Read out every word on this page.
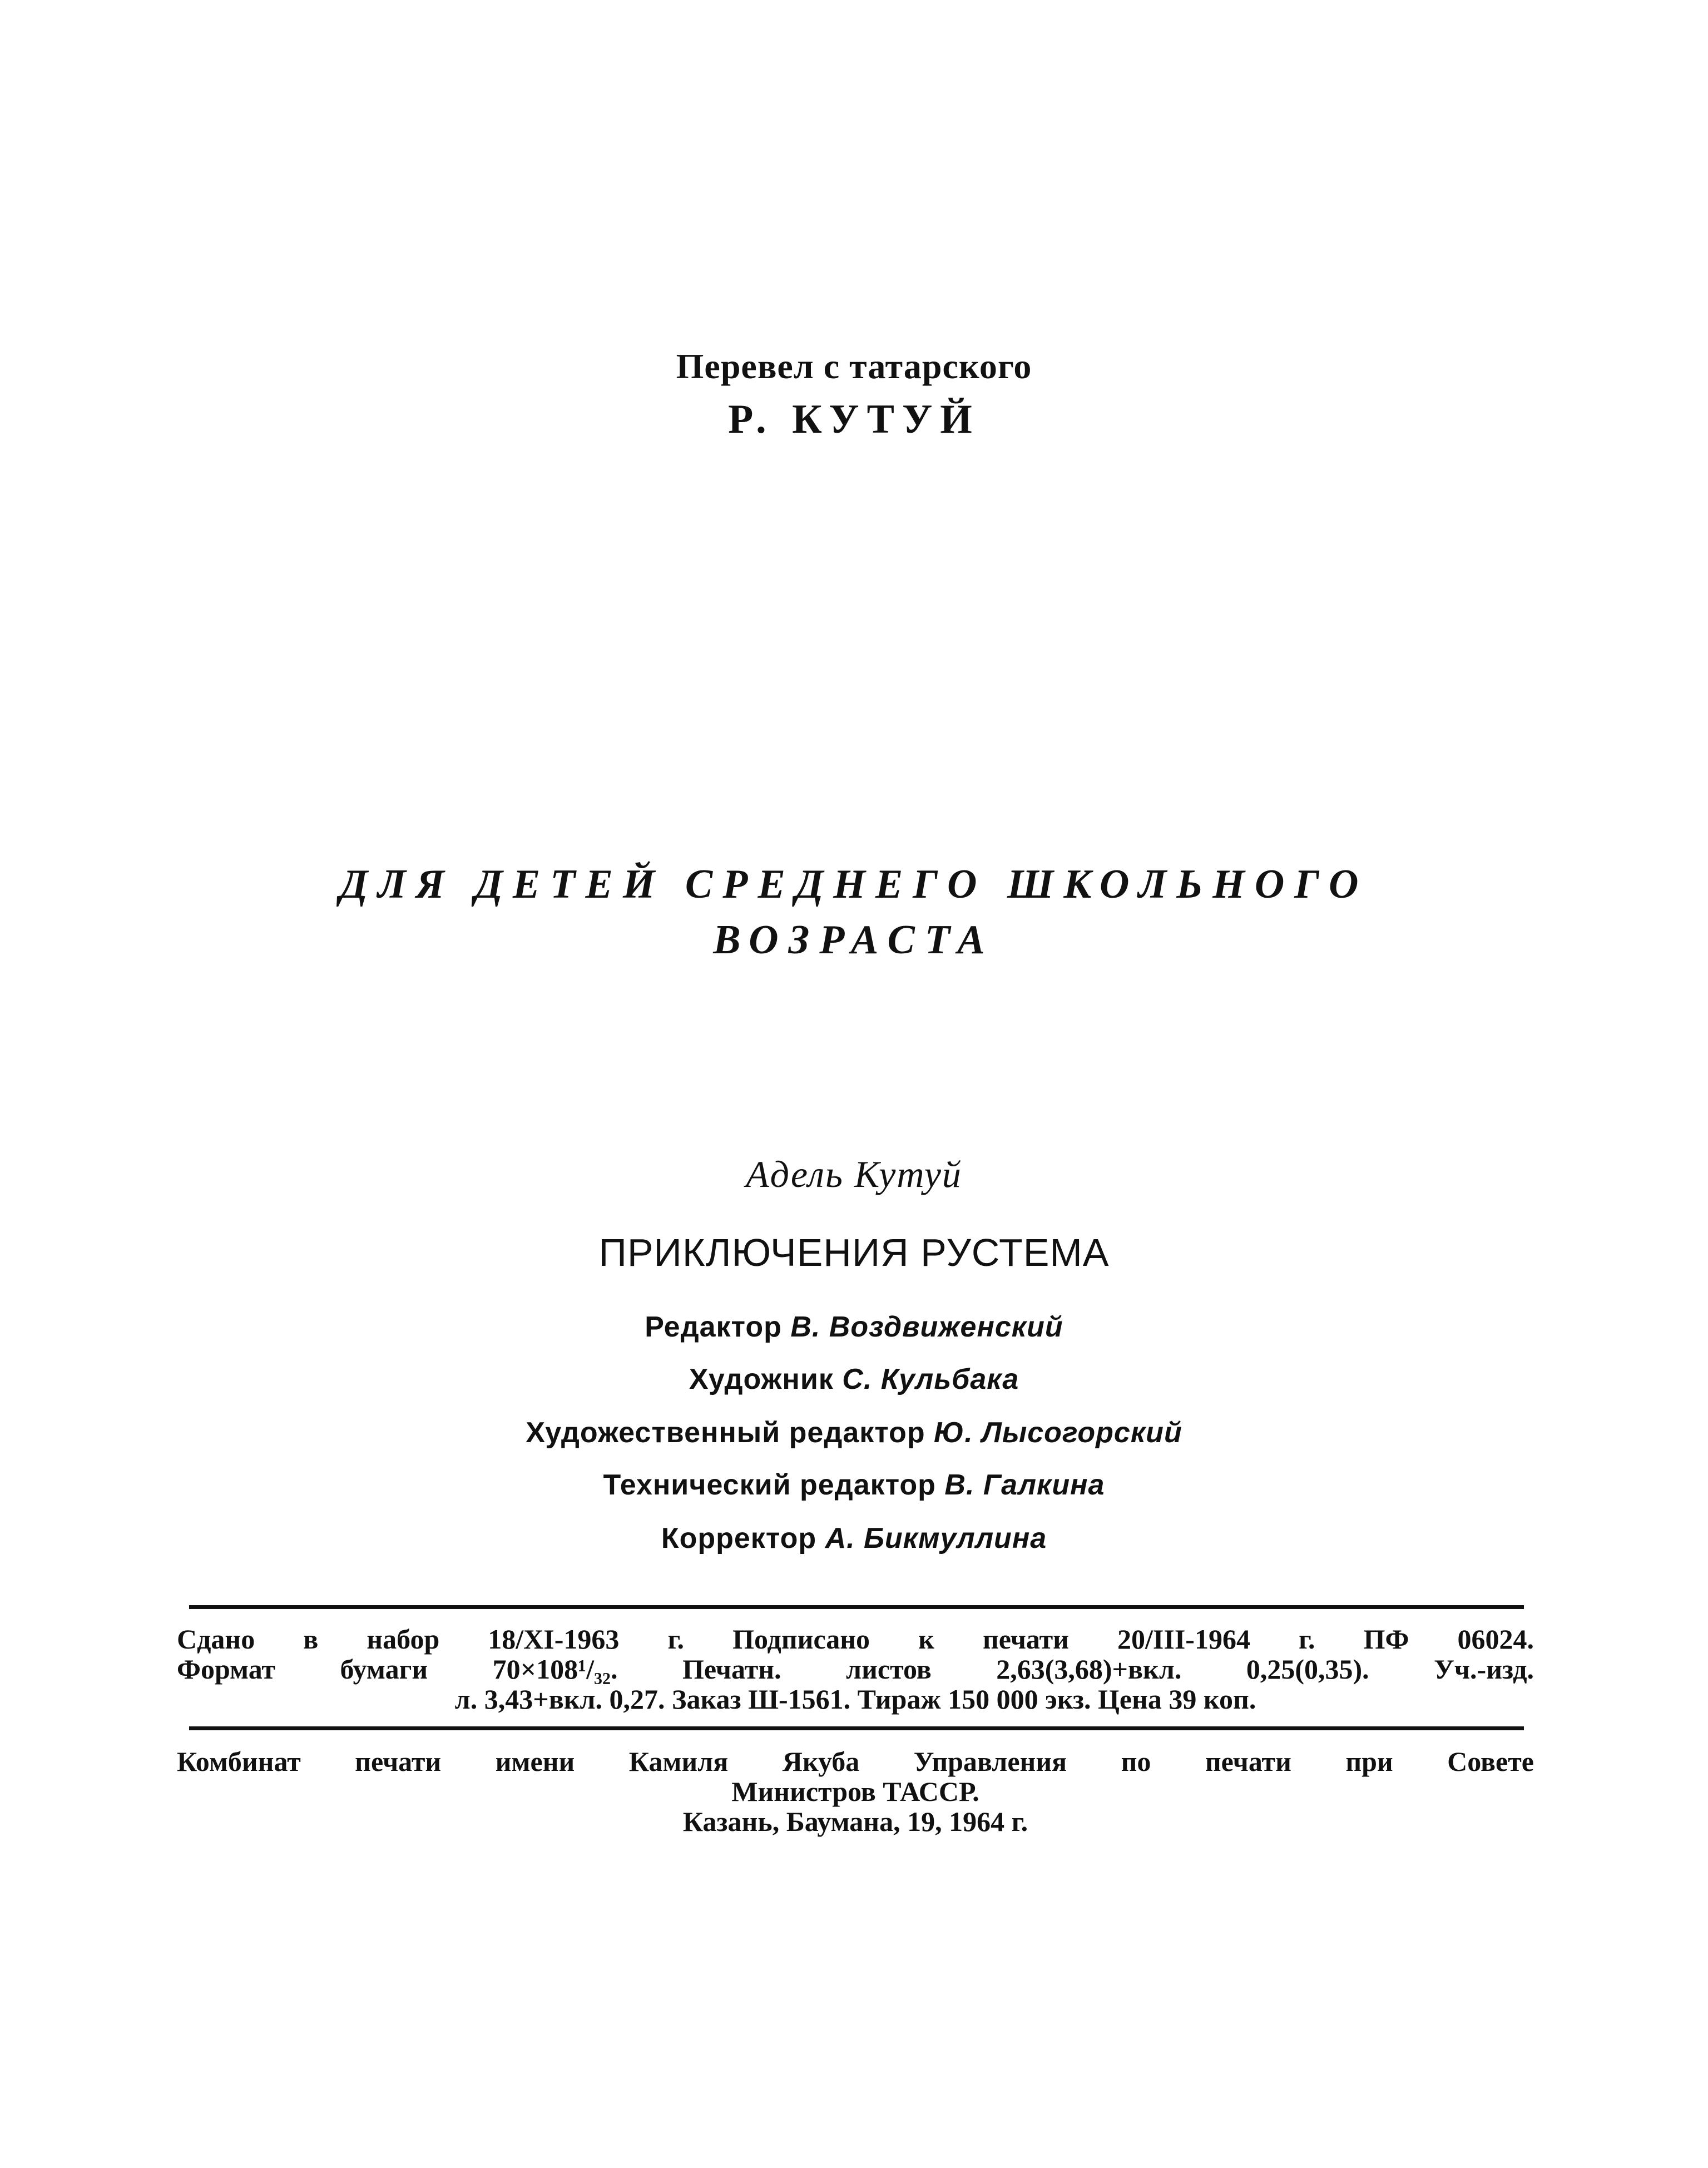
Перевел с татарского
Р. КУТУЙ
ДЛЯ ДЕТЕЙ СРЕДНЕГО ШКОЛЬНОГО
ВОЗРАСТА
Адель Кутуй
ПРИКЛЮЧЕНИЯ РУСТЕМА
Редактор В. Воздвиженский
Художник С. Кульбака
Художественный редактор Ю. Лысогорский
Технический редактор В. Галкина
Корректор А. Бикмуллина
Сдано в набор 18/XI-1963 г. Подписано к печати 20/III-1964 г. ПФ 06024.
Формат бумаги 70×108¹/₃₂. Печатн. листов 2,63(3,68)+вкл. 0,25(0,35). Уч.-изд.
л. 3,43+вкл. 0,27. Заказ Ш-1561. Тираж 150 000 экз. Цена 39 коп.
Комбинат печати имени Камиля Якуба Управления по печати при Совете
Министров ТАССР.
Казань, Баумана, 19, 1964 г.
